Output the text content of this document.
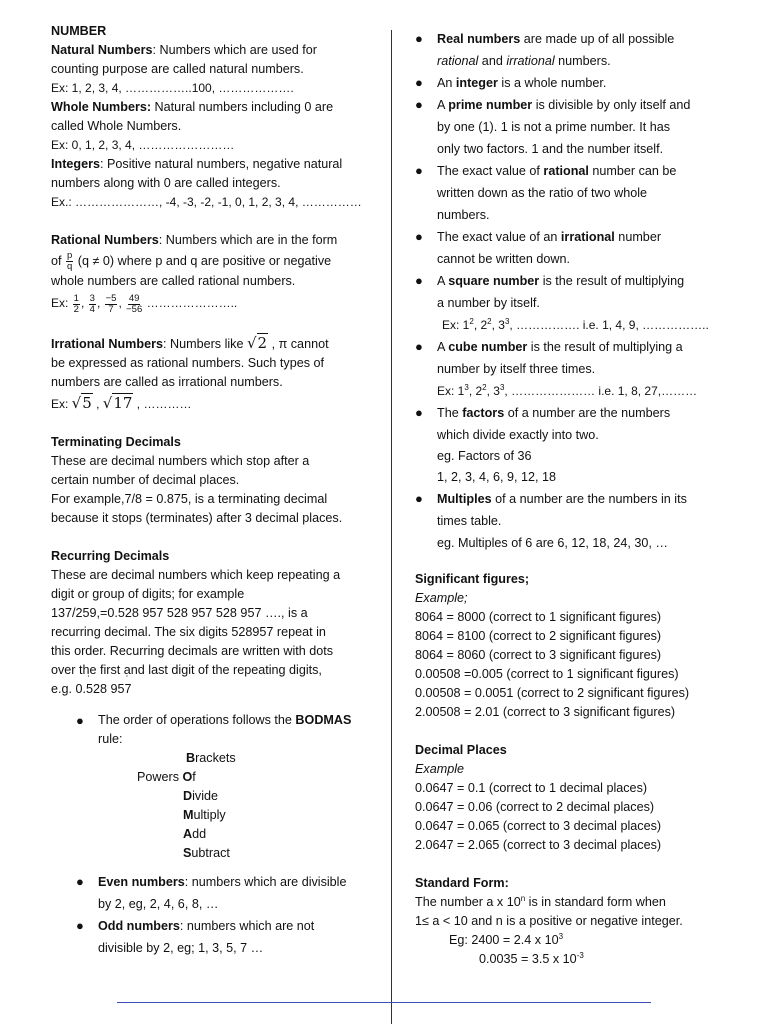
NUMBER
Natural Numbers: Numbers which are used for
counting purpose are called natural numbers.
Ex: 1, 2, 3, 4, ……………..100, ……………….
Whole Numbers: Natural numbers including 0 are
called Whole Numbers.
Ex: 0, 1, 2, 3, 4, ……………………
Integers: Positive natural numbers, negative natural
numbers along with 0 are called integers.
Ex.: …………………, -4, -3, -2, -1, 0, 1, 2, 3, 4, ……………
Rational Numbers: Numbers which are in the form
of $\frac{p}{q} (q \ne 0)$ where p and q are positive or negative
whole numbers are called rational numbers.
Ex: $\frac{1}{2}$ , $\frac{3}{4}$ , $\frac{-5}{7}$ , $\frac{49}{-56}$ …………………..
Irrational Numbers: Numbers like √2 , π cannot
be expressed as rational numbers. Such types of
numbers are called as irrational numbers.
Ex: √5 , √17 , …………
Terminating Decimals
These are decimal numbers which stop after a
certain number of decimal places.
For example,7/8 = 0.875, is a terminating decimal
because it stops (terminates) after 3 decimal places.
Recurring Decimals
These are decimal numbers which keep repeating a
digit or group of digits; for example
137/259,=0.528 957 528 957 528 957 …., is a
recurring decimal. The six digits 528957 repeat in
this order. Recurring decimals are written with dots
over the first and last digit of the repeating digits,
e.g. 0.5 ˙28 957 ˙
● The order of operations follows the BODMAS
rule:
Brackets
Powers Of
Divide
Multiply
Add
Subtract
● Even numbers: numbers which are divisible
by 2, eg, 2, 4, 6, 8, …
● Odd numbers: numbers which are not
divisible by 2, eg; 1, 3, 5, 7 …
● Real numbers are made up of all possible
rational and irrational numbers.
● An integer is a whole number.
● A prime number is divisible by only itself and
by one (1). 1 is not a prime number. It has
only two factors. 1 and the number itself.
● The exact value of rational number can be
written down as the ratio of two whole
numbers.
● The exact value of an irrational number
cannot be written down.
● A square number is the result of multiplying
a number by itself.
Ex: $1^2$, $2^2$, $3^3$, ……………. i.e. 1, 4, 9, ……………..
● A cube number is the result of multiplying a
number by itself three times.
Ex: $1^3$, $2^2$, $3^3$, ………………… i.e. 1, 8, 27,………
● The factors of a number are the numbers
which divide exactly into two.
eg. Factors of 36
1, 2, 3, 4, 6, 9, 12, 18
● Multiples of a number are the numbers in its
times table.
eg. Multiples of 6 are 6, 12, 18, 24, 30, …
Significant figures;
Example;
8064 = 8000 (correct to 1 significant figures)
8064 = 8100 (correct to 2 significant figures)
8064 = 8060 (correct to 3 significant figures)
0.00508 =0.005 (correct to 1 significant figures)
0.00508 = 0.0051 (correct to 2 significant figures)
2.00508 = 2.01 (correct to 3 significant figures)
Decimal Places
Example
0.0647 = 0.1 (correct to 1 decimal places)
0.0647 = 0.06 (correct to 2 decimal places)
0.0647 = 0.065 (correct to 3 decimal places)
2.0647 = 2.065 (correct to 3 decimal places)
Standard Form:
The number a x 10$^n$ is in standard form when
1≤ a < 10 and n is a positive or negative integer.
Eg: 2400 = 2.4 x $10^3$
0.0035 = 3.5 x $10^{-3}$
